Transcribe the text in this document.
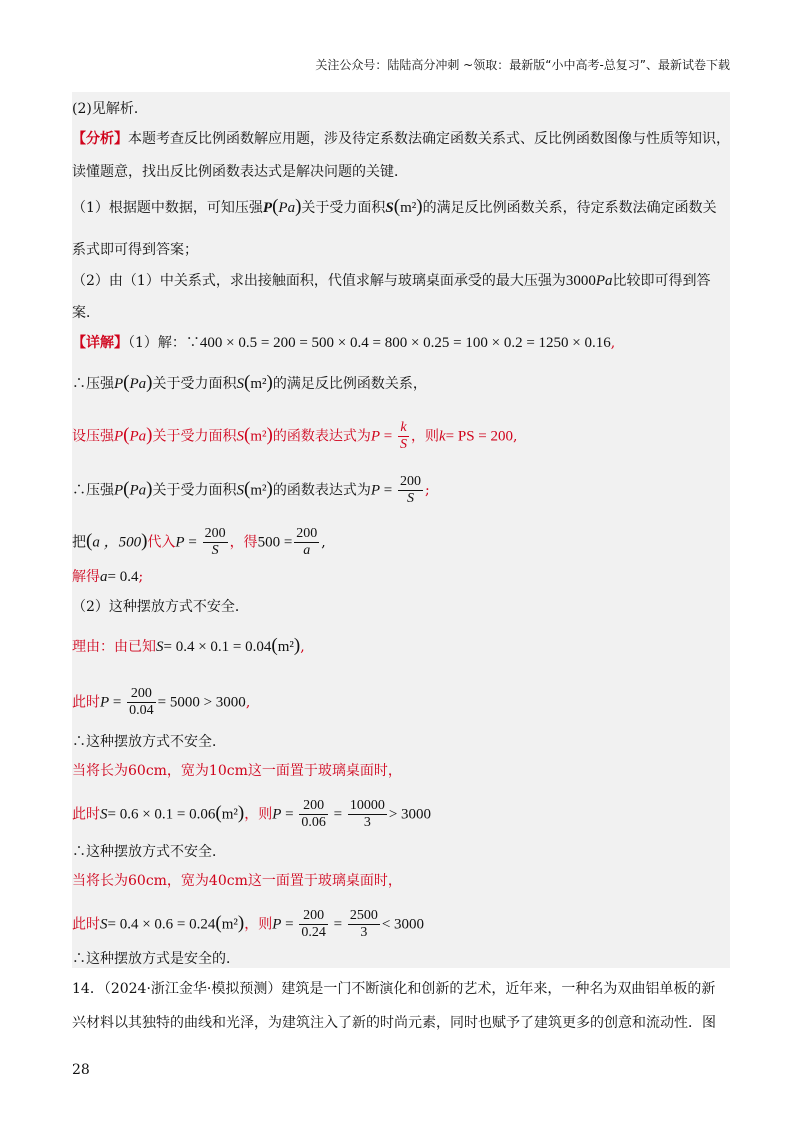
关注公众号：陆陆高分冲刺 ~领取：最新版“小中高考-总复习”、最新试卷下载
(2)见解析．
【分析】本题考查反比例函数解应用题，涉及待定系数法确定函数关系式、反比例函数图像与性质等知识，
读懂题意，找出反比例函数表达式是解决问题的关键．
（1）根据题中数据，可知压强P(Pa)关于受力面积S(m²)的满足反比例函数关系，待定系数法确定函数关
系式即可得到答案；
（2）由（1）中关系式，求出接触面积，代值求解与玻璃桌面承受的最大压强为3000Pa比较即可得到答
案．
【详解】（1）解：∵400 × 0.5 = 200 = 500 × 0.4 = 800 × 0.25 = 100 × 0.2 = 1250 × 0.16,
∴压强P(Pa)关于受力面积S(m²)的满足反比例函数关系，
设压强P(Pa)关于受力面积S(m²)的函数表达式为$P = \frac{k}{S}$ ，则k= PS = 200,
∴压强P(Pa)关于受力面积S(m²)的函数表达式为$P = \frac{200}{S}$ ;
把(a ，500)代入$P = \frac{200}{S}$ ，得$500 = \frac{200}{a}$ ,
解得a= 0.4;
（2）这种摆放方式不安全．
理由：由已知S= 0.4 × 0.1 = 0.04(m²),
此时$P = \frac{200}{0.04} = 5000 > 3000$,
∴这种摆放方式不安全．
当将长为60cm，宽为10cm这一面置于玻璃桌面时，
此时S= 0.6 × 0.1 = 0.06(m²)，则$P = \frac{200}{0.06} = \frac{10000}{3} > 3000$
∴这种摆放方式不安全．
当将长为60cm，宽为40cm这一面置于玻璃桌面时，
此时S= 0.4 × 0.6 = 0.24(m²)，则$P = \frac{200}{0.24} = \frac{2500}{3} < 3000$
∴这种摆放方式是安全的．
14．（2024·浙江金华·模拟预测）建筑是一门不断演化和创新的艺术，近年来，一种名为双曲铝单板的新
兴材料以其独特的曲线和光泽，为建筑注入了新的时尚元素，同时也赋予了建筑更多的创意和流动性．图
28
